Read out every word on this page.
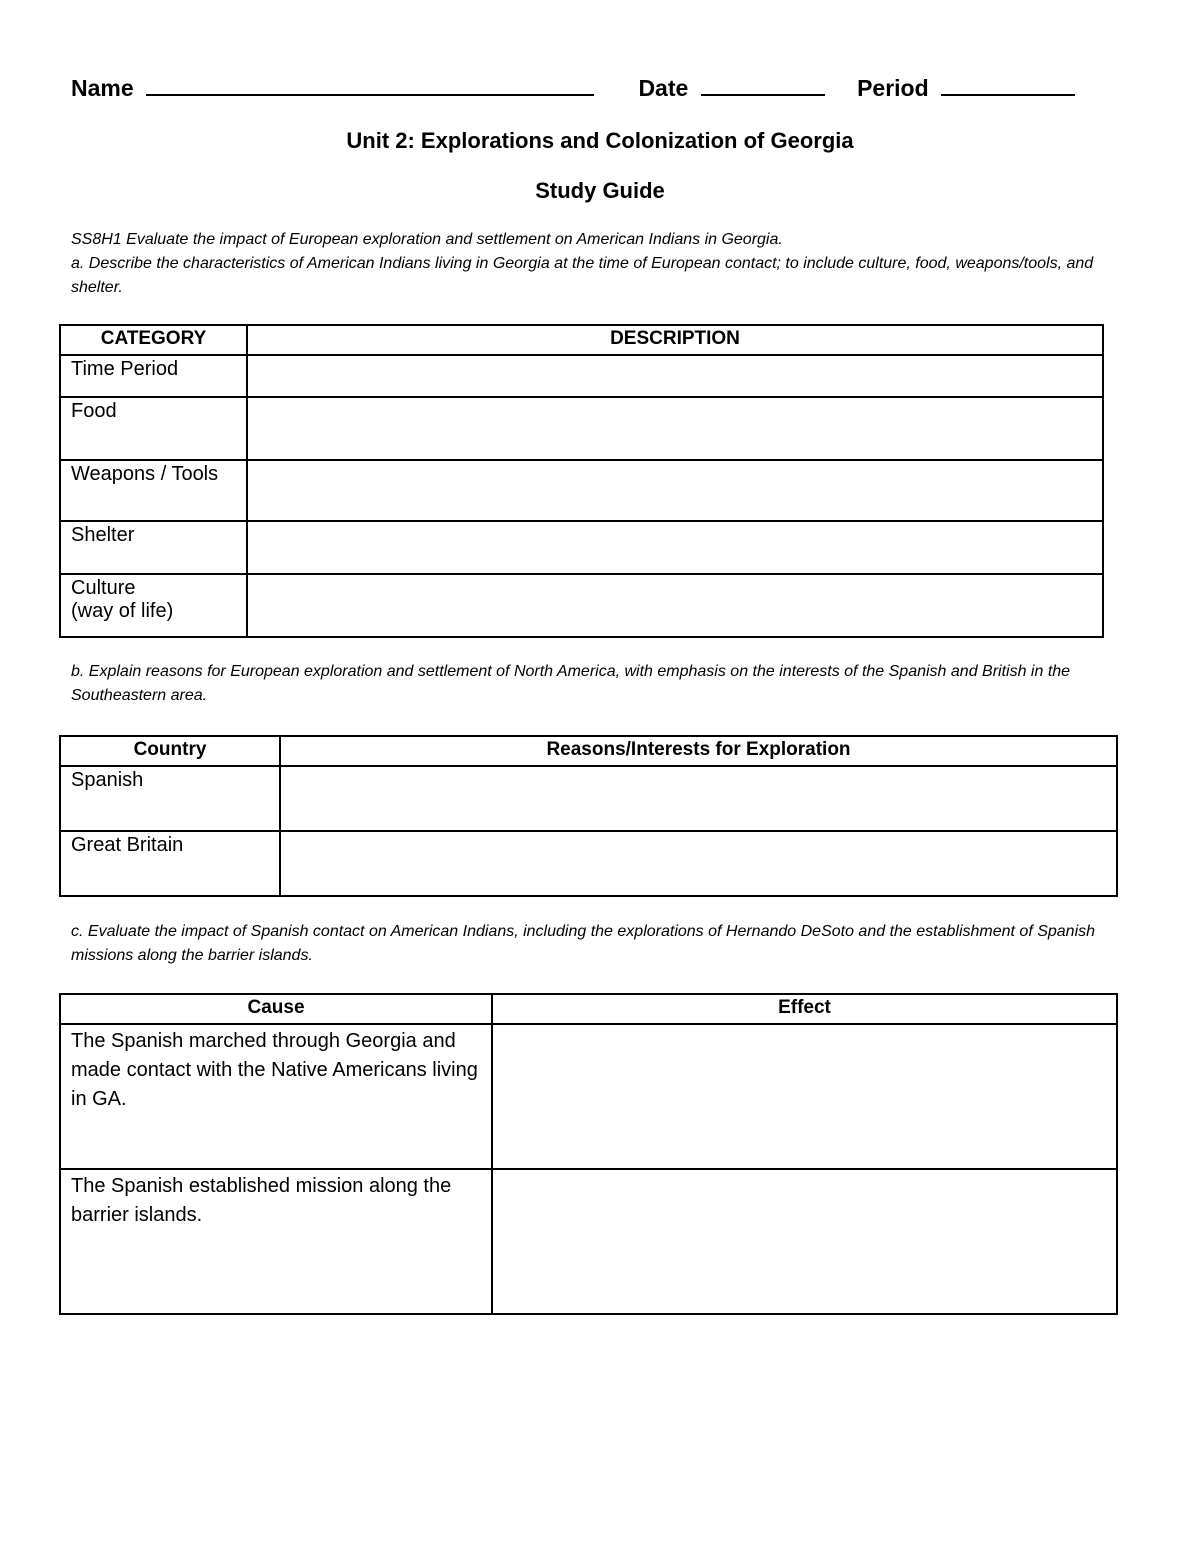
Name	Date	Period
Unit 2: Explorations and Colonization of Georgia
Study Guide
SS8H1 Evaluate the impact of European exploration and settlement on American Indians in Georgia.
a. Describe the characteristics of American Indians living in Georgia at the time of European contact; to include culture, food, weapons/tools, and shelter.
CATEGORY	DESCRIPTION
Time Period	
Food	
Weapons / Tools	
Shelter	

Culture
(way of life)	

b. Explain reasons for European exploration and settlement of North America, with emphasis on the interests of the Spanish and British in the Southeastern area.
Country	Reasons/Interests for Exploration
Spanish	
Great Britain	
c. Evaluate the impact of Spanish contact on American Indians, including the explorations of Hernando DeSoto and the establishment of Spanish missions along the barrier islands.
Cause	Effect
The Spanish marched through Georgia and made contact with the Native Americans living in GA.	
The Spanish established mission along the barrier islands.	
